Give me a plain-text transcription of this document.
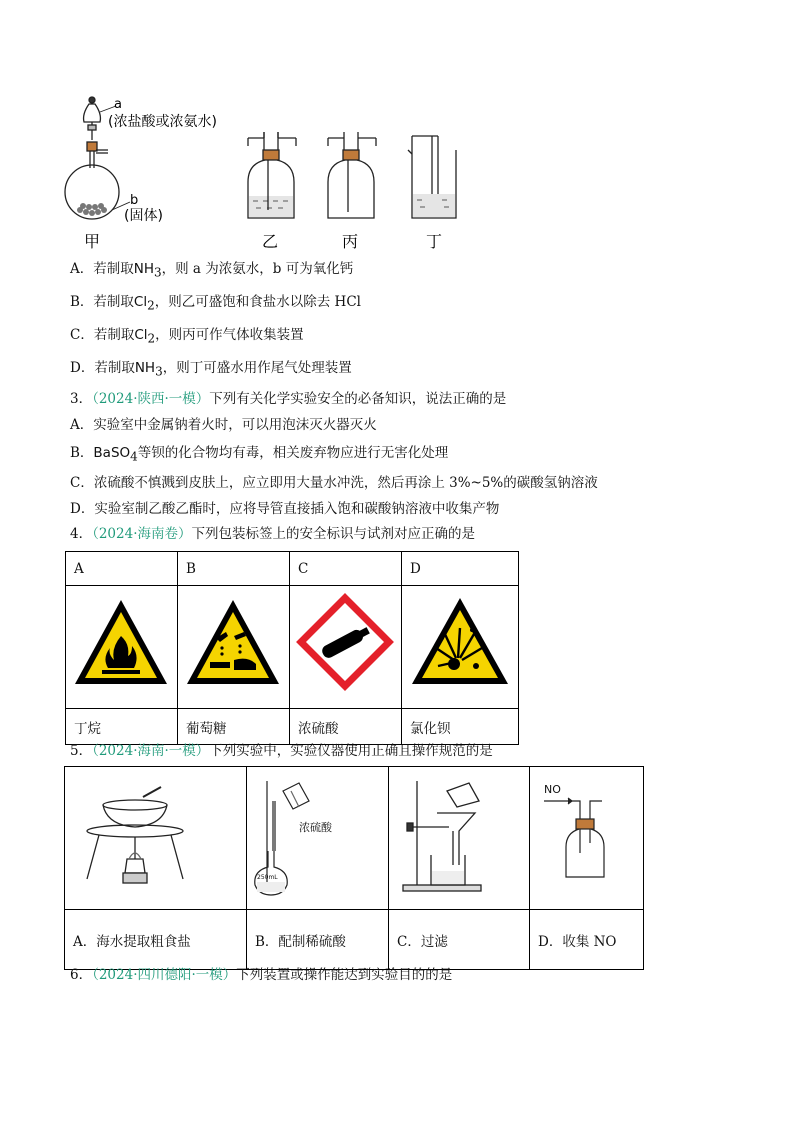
a
(浓盐酸或浓氨水)
b
(固体)
甲	乙	丙	丁
A．若制取$NH_3$，则 a 为浓氨水，b 可为氧化钙
B．若制取$Cl_2$，则乙可盛饱和食盐水以除去 HCl
C．若制取$Cl_2$，则丙可作气体收集装置
D．若制取$NH_3$，则丁可盛水用作尾气处理装置
3．（2024·陕西·一模）下列有关化学实验安全的必备知识，说法正确的是
A．实验室中金属钠着火时，可以用泡沫灭火器灭火
B．BaSO$_4$等钡的化合物均有毒，相关废弃物应进行无害化处理
C．浓硫酸不慎溅到皮肤上，应立即用大量水冲洗，然后再涂上 3%~5%的碳酸氢钠溶液
D．实验室制乙酸乙酯时，应将导管直接插入饱和碳酸钠溶液中收集产物
4．（2024·海南卷）下列包装标签上的安全标识与试剂对应正确的是
A	B	C	D

丁烷	葡萄糖	浓硫酸	氯化钡
5．（2024·海南·一模）下列实验中，实验仪器使用正确且操作规范的是

浓硫酸
250mL		NO

A．海水提取粗食盐	B．配制稀硫酸	C．过滤	D．收集 NO
6．（2024·四川德阳·一模）下列装置或操作能达到实验目的的是
